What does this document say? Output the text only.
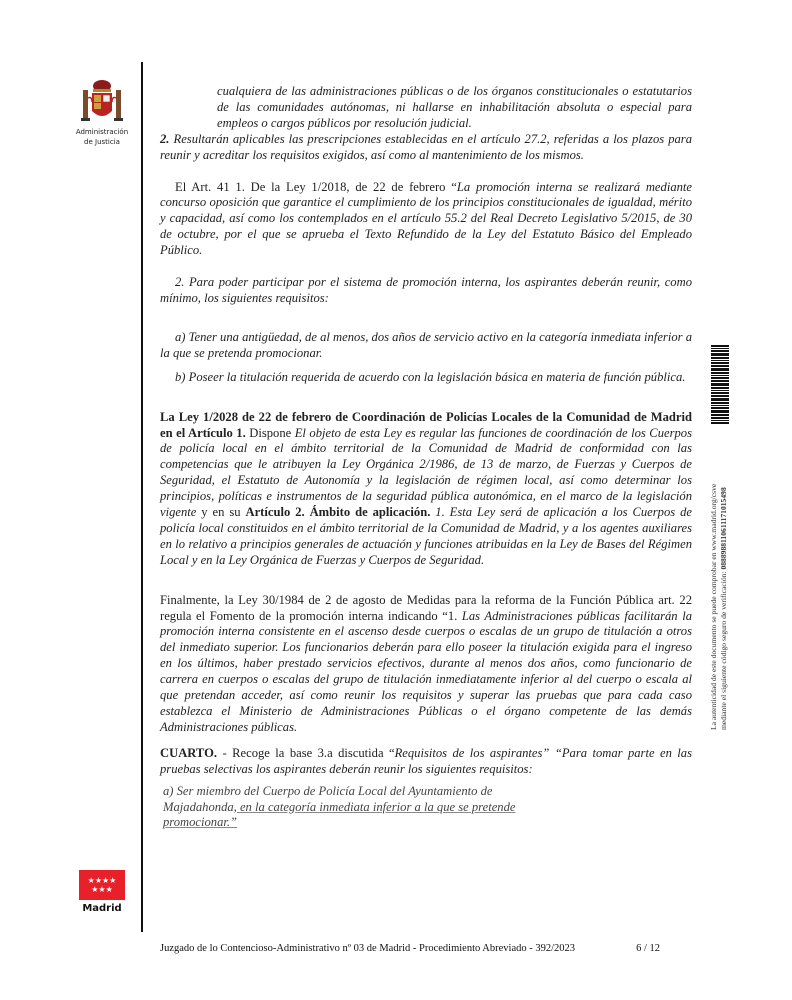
Administración
de Justicia
★★★★ ★★★
Madrid

cualquiera de las administraciones públicas o de los órganos constitucionales o estatutarios de las comunidades autónomas, ni hallarse en inhabilitación absoluta o especial para empleos o cargos públicos por resolución judicial.

2. Resultarán aplicables las prescripciones establecidas en el artículo 27.2, referidas a los plazos para reunir y acreditar los requisitos exigidos, así como al mantenimiento de los mismos.

El Art. 41 1. De la Ley 1/2018, de 22 de febrero “La promoción interna se realizará mediante concurso oposición que garantice el cumplimiento de los principios constitucionales de igualdad, mérito y capacidad, así como los contemplados en el artículo 55.2 del Real Decreto Legislativo 5/2015, de 30 de octubre, por el que se aprueba el Texto Refundido de la Ley del Estatuto Básico del Empleado Público.

2. Para poder participar por el sistema de promoción interna, los aspirantes deberán reunir, como mínimo, los siguientes requisitos:

a) Tener una antigüedad, de al menos, dos años de servicio activo en la categoría inmediata inferior a la que se pretenda promocionar.

b) Poseer la titulación requerida de acuerdo con la legislación básica en materia de función pública.

La Ley 1/2028 de 22 de febrero de Coordinación de Policías Locales de la Comunidad de Madrid en el Artículo 1. Dispone El objeto de esta Ley es regular las funciones de coordinación de los Cuerpos de policía local en el ámbito territorial de la Comunidad de Madrid de conformidad con las competencias que le atribuyen la Ley Orgánica 2/1986, de 13 de marzo, de Fuerzas y Cuerpos de Seguridad, el Estatuto de Autonomía y la legislación de régimen local, así como determinar los principios, políticas e instrumentos de la seguridad pública autonómica, en el marco de la legislación vigente y en su Artículo 2. Ámbito de aplicación. 1. Esta Ley será de aplicación a los Cuerpos de policía local constituidos en el ámbito territorial de la Comunidad de Madrid, y a los agentes auxiliares en lo relativo a principios generales de actuación y funciones atribuidas en la Ley de Bases del Régimen Local y en la Ley Orgánica de Fuerzas y Cuerpos de Seguridad.

Finalmente, la Ley 30/1984 de 2 de agosto de Medidas para la reforma de la Función Pública art. 22 regula el Fomento de la promoción interna indicando “1. Las Administraciones públicas facilitarán la promoción interna consistente en el ascenso desde cuerpos o escalas de un grupo de titulación a otros del inmediato superior. Los funcionarios deberán para ello poseer la titulación exigida para el ingreso en los últimos, haber prestado servicios efectivos, durante al menos dos años, como funcionario de carrera en cuerpos o escalas del grupo de titulación inmediatamente inferior al del cuerpo o escala al que pretendan acceder, así como reunir los requisitos y superar las pruebas que para cada caso establezca el Ministerio de Administraciones Públicas o el órgano competente de las demás Administraciones públicas.

CUARTO. - Recoge la base 3.a discutida “Requisitos de los aspirantes” “Para tomar parte en las pruebas selectivas los aspirantes deberán reunir los siguientes requisitos:

a) Ser miembro del Cuerpo de Policía Local del Ayuntamiento de Majadahonda, en la categoría inmediata inferior a la que se pretende promocionar.”

Juzgado de lo Contencioso-Administrativo nº 03 de Madrid - Procedimiento Abreviado - 392/2023	6 / 12
La autenticidad de este documento se puede comprobar en www.madrid.org/csve mediante el siguiente código seguro de verificación: 0888988110611171015498
